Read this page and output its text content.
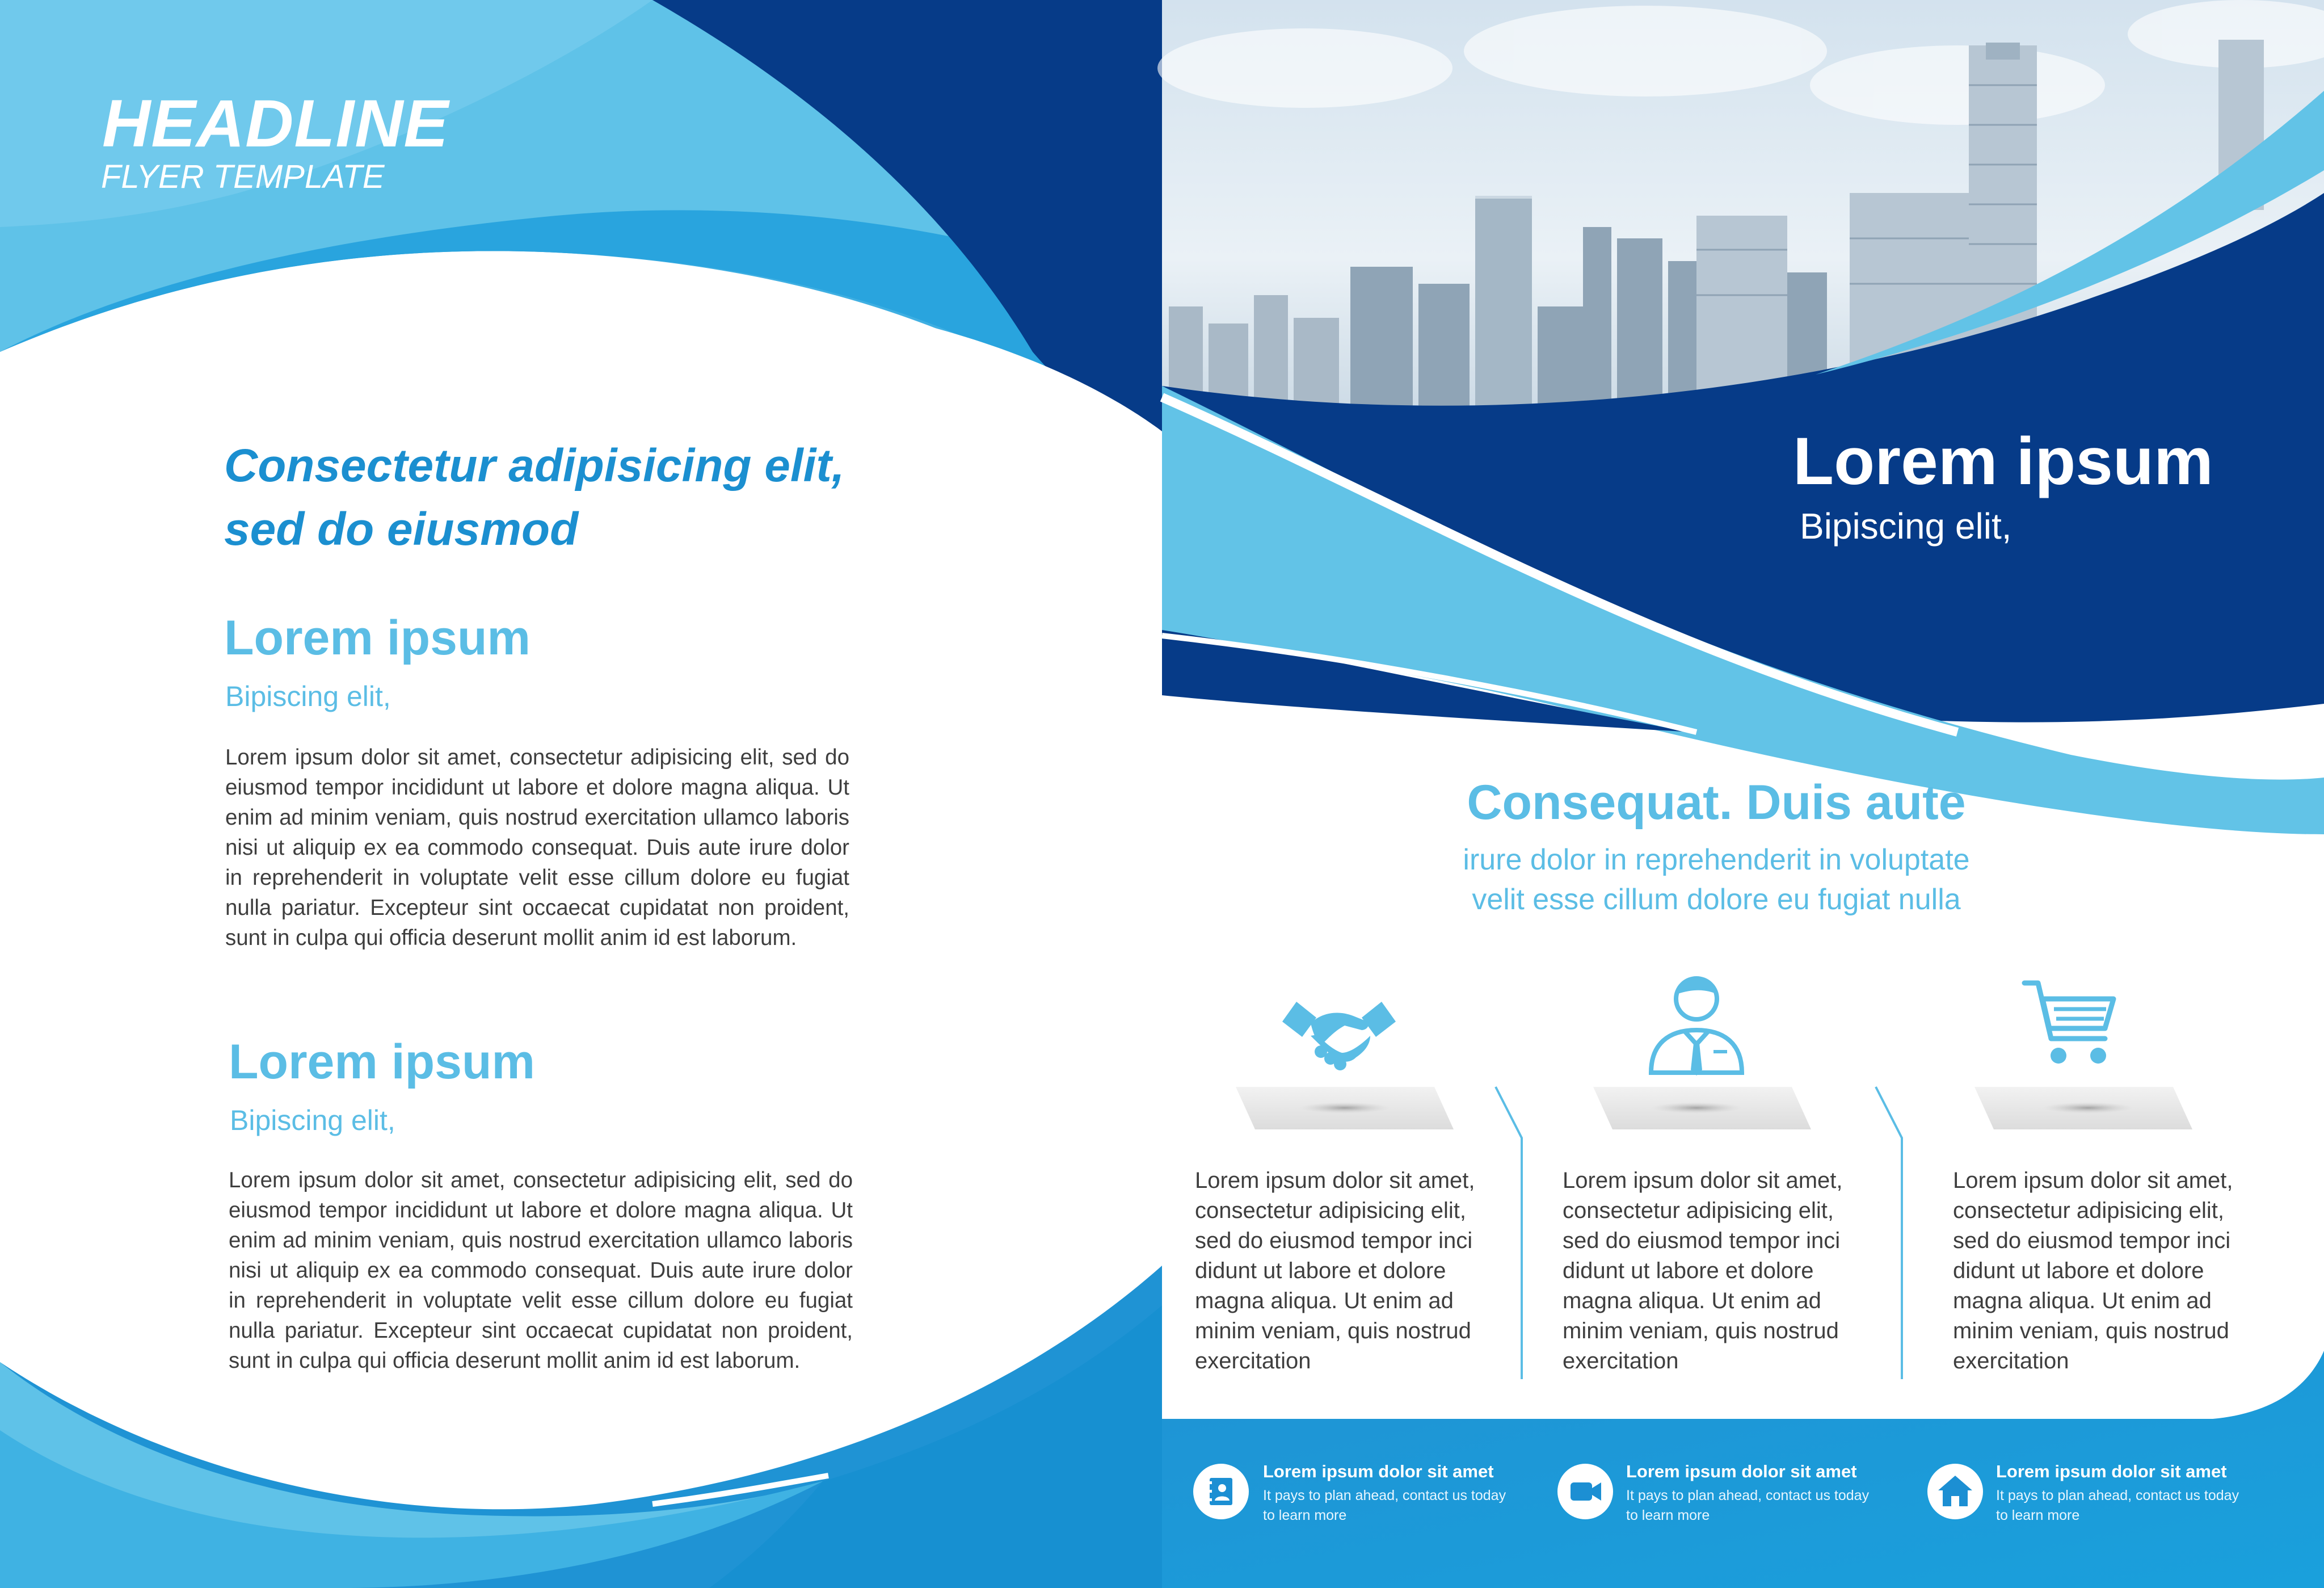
HEADLINE
FLYER TEMPLATE
Consectetur adipisicing elit,
sed do eiusmod
Lorem ipsum
Bipiscing elit,
Lorem ipsum dolor sit amet, consectetur adipisicing elit, sed do eiusmod tempor incididunt ut labore et dolore magna aliqua. Ut enim ad minim veniam, quis nostrud exercitation ullamco laboris nisi ut aliquip ex ea commodo consequat. Duis aute irure dolor in reprehenderit in voluptate velit esse cillum dolore eu fugiat nulla pariatur. Excepteur sint occaecat cupidatat non proident, sunt in culpa qui officia deserunt mollit anim id est laborum.
Lorem ipsum
Bipiscing elit,
Lorem ipsum dolor sit amet, consectetur adipisicing elit, sed do eiusmod tempor incididunt ut labore et dolore magna aliqua. Ut enim ad minim veniam, quis nostrud exercitation ullamco laboris nisi ut aliquip ex ea commodo consequat. Duis aute irure dolor in reprehenderit in voluptate velit esse cillum dolore eu fugiat nulla pariatur. Excepteur sint occaecat cupidatat non proident, sunt in culpa qui officia deserunt mollit anim id est laborum.
Lorem ipsum
Bipiscing elit,
Consequat. Duis aute
irure dolor in reprehenderit in voluptate
velit esse cillum dolore eu fugiat nulla
Lorem ipsum dolor sit amet, consectetur adipisicing elit, sed do eiusmod tempor inci didunt ut labore et dolore magna aliqua. Ut enim ad minim veniam, quis nostrud exercitation
Lorem ipsum dolor sit amet, consectetur adipisicing elit, sed do eiusmod tempor inci didunt ut labore et dolore magna aliqua. Ut enim ad minim veniam, quis nostrud exercitation
Lorem ipsum dolor sit amet, consectetur adipisicing elit, sed do eiusmod tempor inci didunt ut labore et dolore magna aliqua. Ut enim ad minim veniam, quis nostrud exercitation
Lorem ipsum dolor sit amet
It pays to plan ahead, contact us today
to learn more
Lorem ipsum dolor sit amet
It pays to plan ahead, contact us today
to learn more
Lorem ipsum dolor sit amet
It pays to plan ahead, contact us today
to learn more
